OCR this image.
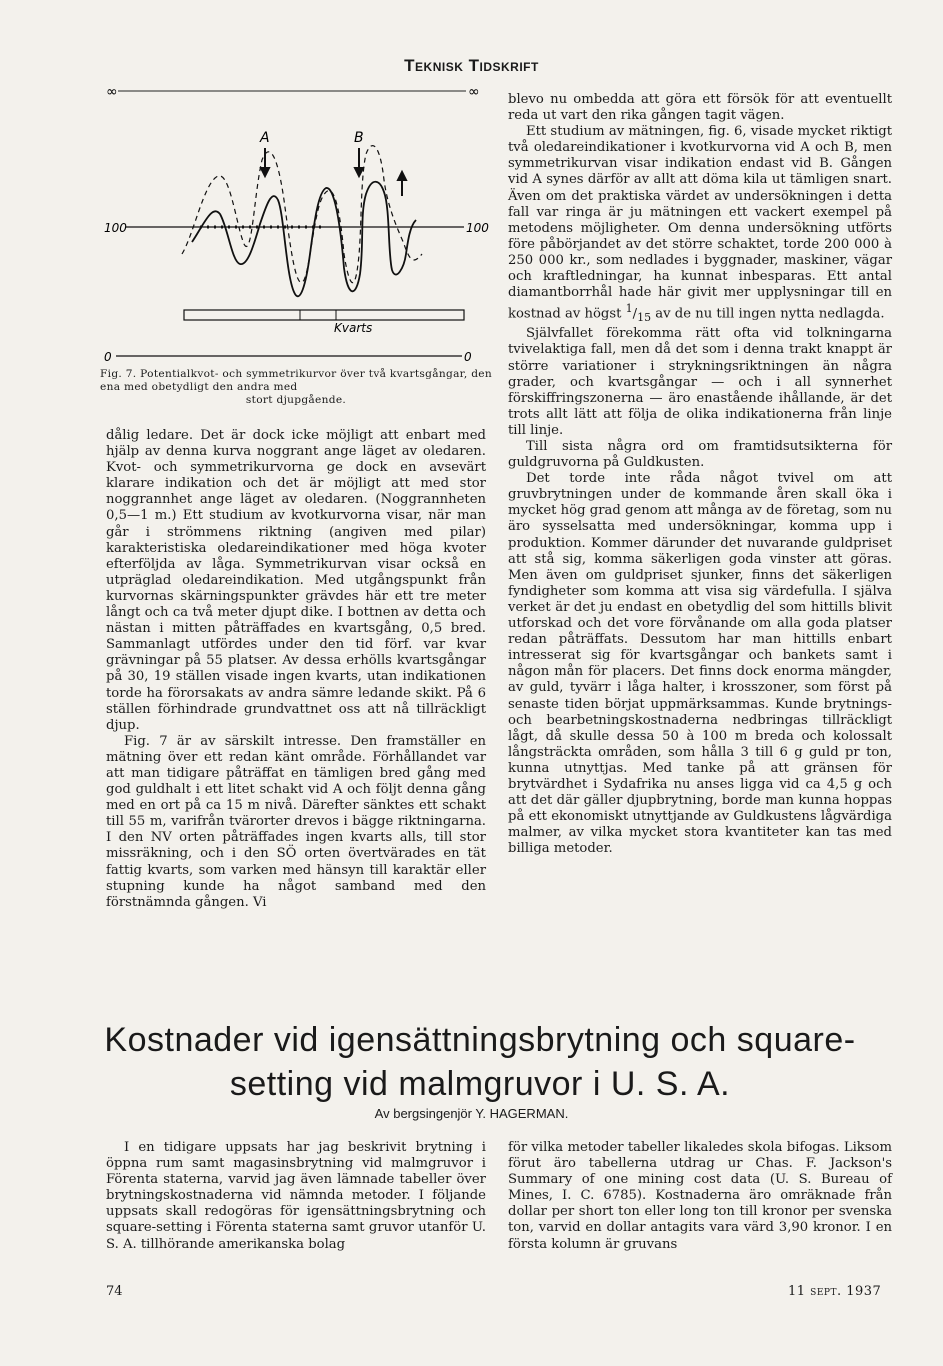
Teknisk Tidskrift
∞	∞
A	B
100	100
Kvarts
0	0
Fig. 7. Potentialkvot- och symmetrikurvor över två kvartsgångar, den ena med obetydligt den andra med
stort djupgående.

dålig ledare. Det är dock icke möjligt att enbart med hjälp av denna kurva noggrant ange läget av oledaren. Kvot- och symmetrikurvorna ge dock en avsevärt klarare indikation och det är möjligt att med stor noggrannhet ange läget av oledaren. (Noggrannheten 0,5—1 m.) Ett studium av kvotkurvorna visar, när man går i strömmens riktning (angiven med pilar) karakteristiska oledareindikationer med höga kvoter efterföljda av låga. Symmetrikurvan visar också en utpräglad oledareindikation. Med utgångspunkt från kurvornas skärningspunkter grävdes här ett tre meter långt och ca två meter djupt dike. I bottnen av detta och nästan i mitten påträffades en kvartsgång, 0,5 bred. Sammanlagt utfördes under den tid förf. var kvar grävningar på 55 platser. Av dessa erhölls kvartsgångar på 30, 19 ställen visade ingen kvarts, utan indikationen torde ha förorsakats av andra sämre ledande skikt. På 6 ställen förhindrade grundvattnet oss att nå tillräckligt djup.

Fig. 7 är av särskilt intresse. Den framställer en mätning över ett redan känt område. Förhållandet var att man tidigare påträffat en tämligen bred gång med god guldhalt i ett litet schakt vid A och följt denna gång med en ort på ca 15 m nivå. Därefter sänktes ett schakt till 55 m, varifrån tvärorter drevos i bägge riktningarna. I den NV orten påträffades ingen kvarts alls, till stor missräkning, och i den SÖ orten övertvärades en tät fattig kvarts, som varken med hänsyn till karaktär eller stupning kunde ha något samband med den förstnämnda gången. Vi

blevo nu ombedda att göra ett försök för att eventuellt reda ut vart den rika gången tagit vägen.

Ett studium av mätningen, fig. 6, visade mycket riktigt två oledareindikationer i kvotkurvorna vid A och B, men symmetrikurvan visar indikation endast vid B. Gången vid A synes därför av allt att döma kila ut tämligen snart. Även om det praktiska värdet av undersökningen i detta fall var ringa är ju mätningen ett vackert exempel på metodens möjligheter. Om denna undersökning utförts före påbörjandet av det större schaktet, torde 200 000 à 250 000 kr., som nedlades i byggnader, maskiner, vägar och kraftledningar, ha kunnat inbesparas. Ett antal diamantborrhål hade här givit mer upplysningar till en kostnad av högst $^1/_{15}$ av de nu till ingen nytta nedlagda.

Självfallet förekomma rätt ofta vid tolkningarna tvivelaktiga fall, men då det som i denna trakt knappt är större variationer i strykningsriktningen än några grader, och kvartsgångar — och i all synnerhet förskiffringszonerna — äro enastående ihållande, är det trots allt lätt att följa de olika indikationerna från linje till linje.

Till sista några ord om framtidsutsikterna för guldgruvorna på Guldkusten.

Det torde inte råda något tvivel om att gruvbrytningen under de kommande åren skall öka i mycket hög grad genom att många av de företag, som nu äro sysselsatta med undersökningar, komma upp i produktion. Kommer därunder det nuvarande guldpriset att stå sig, komma säkerligen goda vinster att göras. Men även om guldpriset sjunker, finns det säkerligen fyndigheter som komma att visa sig värdefulla. I själva verket är det ju endast en obetydlig del som hittills blivit utforskad och det vore förvånande om alla goda platser redan påträffats. Dessutom har man hittills enbart intresserat sig för kvartsgångar och bankets samt i någon mån för placers. Det finns dock enorma mängder, av guld, tyvärr i låga halter, i krosszoner, som först på senaste tiden börjat uppmärksammas. Kunde brytnings- och bearbetningskostnaderna nedbringas tillräckligt lågt, då skulle dessa 50 à 100 m breda och kolossalt långsträckta områden, som hålla 3 till 6 g guld pr ton, kunna utnyttjas. Med tanke på att gränsen för brytvärdhet i Sydafrika nu anses ligga vid ca 4,5 g och att det där gäller djupbrytning, borde man kunna hoppas på ett ekonomiskt utnyttjande av Guldkustens lågvärdiga malmer, av vilka mycket stora kvantiteter kan tas med billiga metoder.

Kostnader vid igensättningsbrytning och square-setting vid malmgruvor i U. S. A.
Av bergsingenjör Y. HAGERMAN.

I en tidigare uppsats har jag beskrivit brytning i öppna rum samt magasinsbrytning vid malmgruvor i Förenta staterna, varvid jag även lämnade tabeller över brytningskostnaderna vid nämnda metoder. I följande uppsats skall redogöras för igensättningsbrytning och square-setting i Förenta staterna samt gruvor utanför U. S. A. tillhörande amerikanska bolag

för vilka metoder tabeller likaledes skola bifogas. Liksom förut äro tabellerna utdrag ur Chas. F. Jackson's Summary of one mining cost data (U. S. Bureau of Mines, I. C. 6785). Kostnaderna äro omräknade från dollar per short ton eller long ton till kronor per svenska ton, varvid en dollar antagits vara värd 3,90 kronor. I en första kolumn är gruvans

74	11 sept. 1937
